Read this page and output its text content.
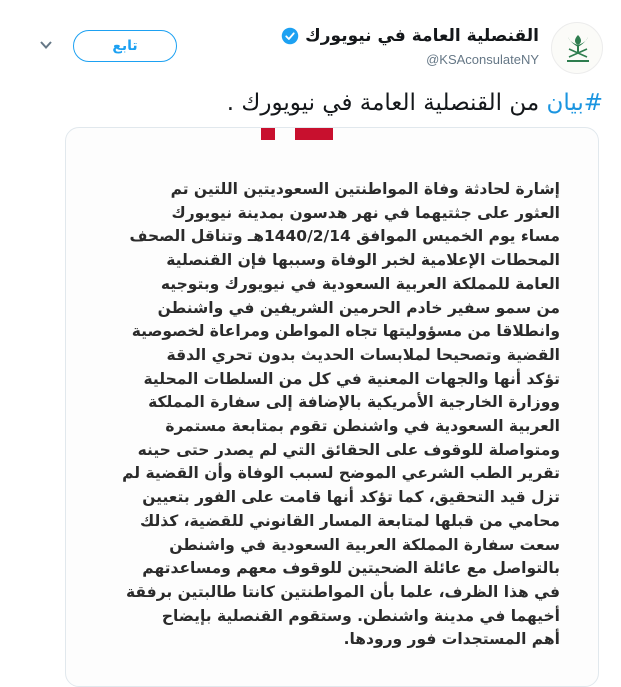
القنصلية العامة في نيويورك
@KSAconsulateNY
تابع
#بيان من القنصلية العامة في نيويورك .
إشارة لحادثة وفاة المواطنتين السعوديتين اللتين تم
العثور على جثتيهما في نهر هدسون بمدينة نيويورك
مساء يوم الخميس الموافق 1440/2/14هـ وتناقل الصحف
المحطات الإعلامية لخبر الوفاة وسببها فإن القنصلية
العامة للمملكة العربية السعودية في نيويورك وبتوجيه
من سمو سفير خادم الحرمين الشريفين في واشنطن
وانطلاقا من مسؤوليتها تجاه المواطن ومراعاة لخصوصية
القضية وتصحيحا لملابسات الحديث بدون تحري الدقة
تؤكد أنها والجهات المعنية في كل من السلطات المحلية
ووزارة الخارجية الأمريكية بالإضافة إلى سفارة المملكة
العربية السعودية في واشنطن تقوم بمتابعة مستمرة
ومتواصلة للوقوف على الحقائق التي لم يصدر حتى حينه
تقرير الطب الشرعي الموضح لسبب الوفاة وأن القضية لم
تزل قيد التحقيق، كما تؤكد أنها قامت على الفور بتعيين
محامي من قبلها لمتابعة المسار القانوني للقضية، كذلك
سعت سفارة المملكة العربية السعودية في واشنطن
بالتواصل مع عائلة الضحيتين للوقوف معهم ومساعدتهم
في هذا الظرف، علما بأن المواطنتين كانتا طالبتين برفقة
أخيهما في مدينة واشنطن. وستقوم القنصلية بإيضاح
أهم المستجدات فور ورودها.
